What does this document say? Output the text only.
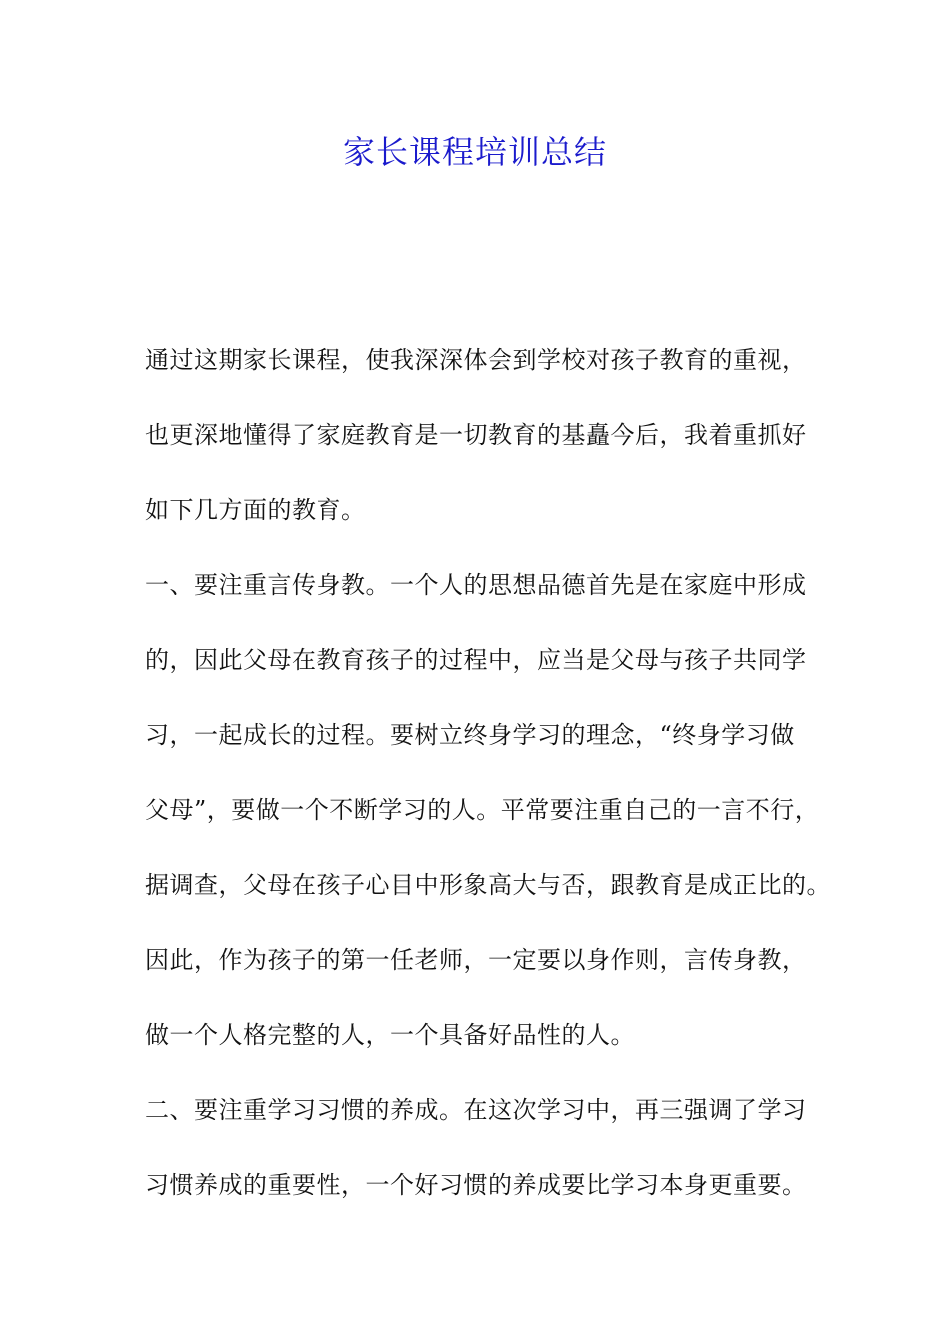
家长课程培训总结
通过这期家长课程，使我深深体会到学校对孩子教育的重视，
也更深地懂得了家庭教育是一切教育的基矗今后，我着重抓好
如下几方面的教育。
一、要注重言传身教。一个人的思想品德首先是在家庭中形成
的，因此父母在教育孩子的过程中，应当是父母与孩子共同学
习，一起成长的过程。要树立终身学习的理念，“终身学习做
父母”，要做一个不断学习的人。平常要注重自己的一言不行，
据调查，父母在孩子心目中形象高大与否，跟教育是成正比的。
因此，作为孩子的第一任老师，一定要以身作则，言传身教，
做一个人格完整的人，一个具备好品性的人。
二、要注重学习习惯的养成。在这次学习中，再三强调了学习
习惯养成的重要性，一个好习惯的养成要比学习本身更重要。
